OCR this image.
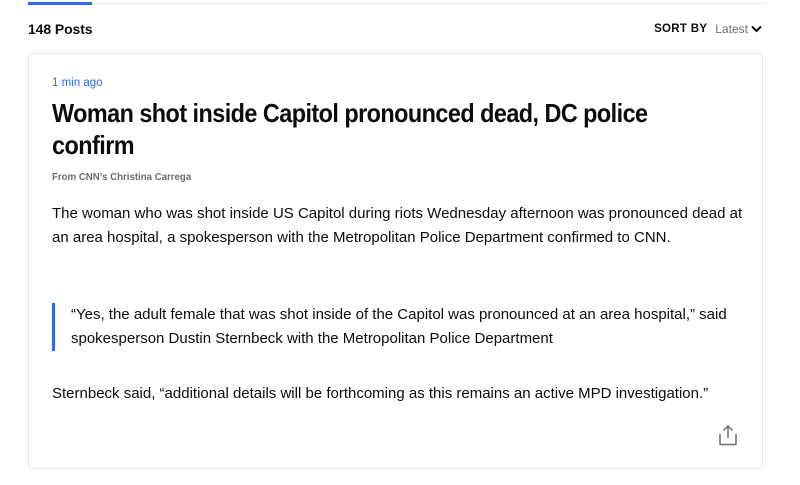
148 Posts	SORT BY Latest
1 min ago
Woman shot inside Capitol pronounced dead, DC police confirm
From CNN’s Christina Carrega

The woman who was shot inside US Capitol during riots Wednesday afternoon was pronounced dead at an area hospital, a spokesperson with the Metropolitan Police Department confirmed to CNN.

“Yes, the adult female that was shot inside of the Capitol was pronounced at an area hospital,” said spokesperson Dustin Sternbeck with the Metropolitan Police Department

Sternbeck said, “additional details will be forthcoming as this remains an active MPD investigation.”
